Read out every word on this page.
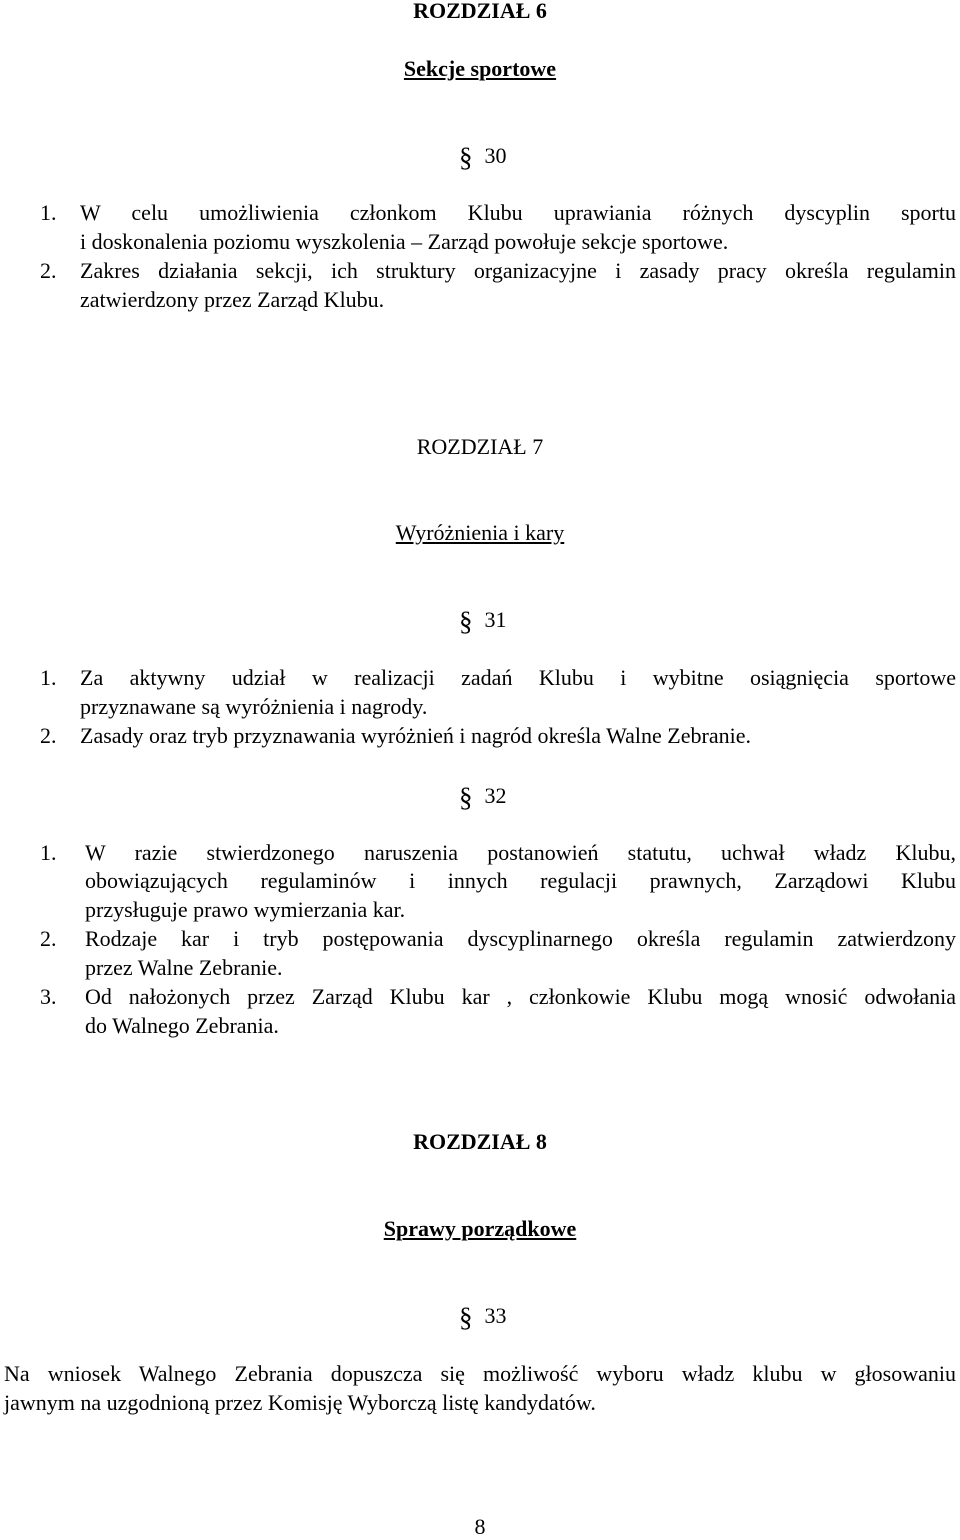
ROZDZIAŁ 6
Sekcje sportowe
§ 30
1. W celu umożliwienia członkom Klubu uprawiania różnych dyscyplin sportu
i doskonalenia poziomu wyszkolenia – Zarząd powołuje sekcje sportowe.
2. Zakres działania sekcji, ich struktury organizacyjne i zasady pracy określa regulamin
zatwierdzony przez Zarząd Klubu.
ROZDZIAŁ 7
Wyróżnienia i kary
§ 31
1. Za aktywny udział w realizacji zadań Klubu i wybitne osiągnięcia sportowe
przyznawane są wyróżnienia i nagrody.
2. Zasady oraz tryb przyznawania wyróżnień i nagród określa Walne Zebranie.
§ 32
1. W razie stwierdzonego naruszenia postanowień statutu, uchwał władz Klubu,
obowiązujących regulaminów i innych regulacji prawnych, Zarządowi Klubu
przysługuje prawo wymierzania kar.
2. Rodzaje kar i tryb postępowania dyscyplinarnego określa regulamin zatwierdzony
przez Walne Zebranie.
3. Od nałożonych przez Zarząd Klubu kar , członkowie Klubu mogą wnosić odwołania
do Walnego Zebrania.
ROZDZIAŁ 8
Sprawy porządkowe
§ 33
Na wniosek Walnego Zebrania dopuszcza się możliwość wyboru władz klubu w głosowaniu
jawnym na uzgodnioną przez Komisję Wyborczą listę kandydatów.
8
